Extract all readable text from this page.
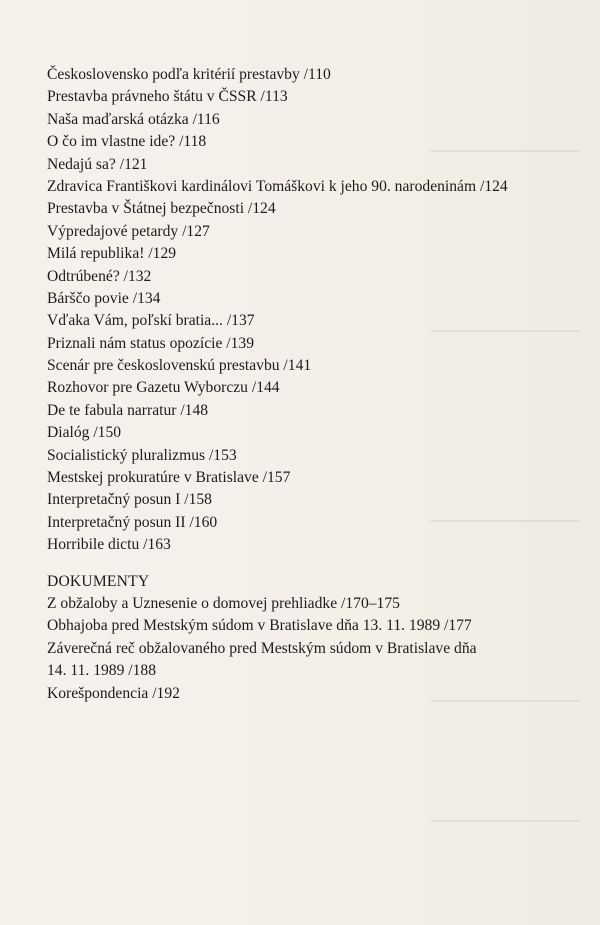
Československo podľa kritérií prestavby /110
Prestavba právneho štátu v ČSSR /113
Naša maďarská otázka /116
O čo im vlastne ide? /118
Nedajú sa? /121
Zdravica Františkovi kardinálovi Tomáškovi k jeho 90. narodeninám /124
Prestavba v Štátnej bezpečnosti /124
Výpredajové petardy /127
Milá republika! /129
Odtrúbené? /132
Bárščo povie /134
Vďaka Vám, poľskí bratia... /137
Priznali nám status opozície /139
Scenár pre československú prestavbu /141
Rozhovor pre Gazetu Wyborczu /144
De te fabula narratur /148
Dialóg /150
Socialistický pluralizmus /153
Mestskej prokuratúre v Bratislave /157
Interpretačný posun I /158
Interpretačný posun II /160
Horribile dictu /163
DOKUMENTY
Z obžaloby a Uznesenie o domovej prehliadke /170–175
Obhajoba pred Mestským súdom v Bratislave dňa 13. 11. 1989 /177
Záverečná reč obžalovaného pred Mestským súdom v Bratislave dňa
14. 11. 1989 /188
Korešpondencia /192
